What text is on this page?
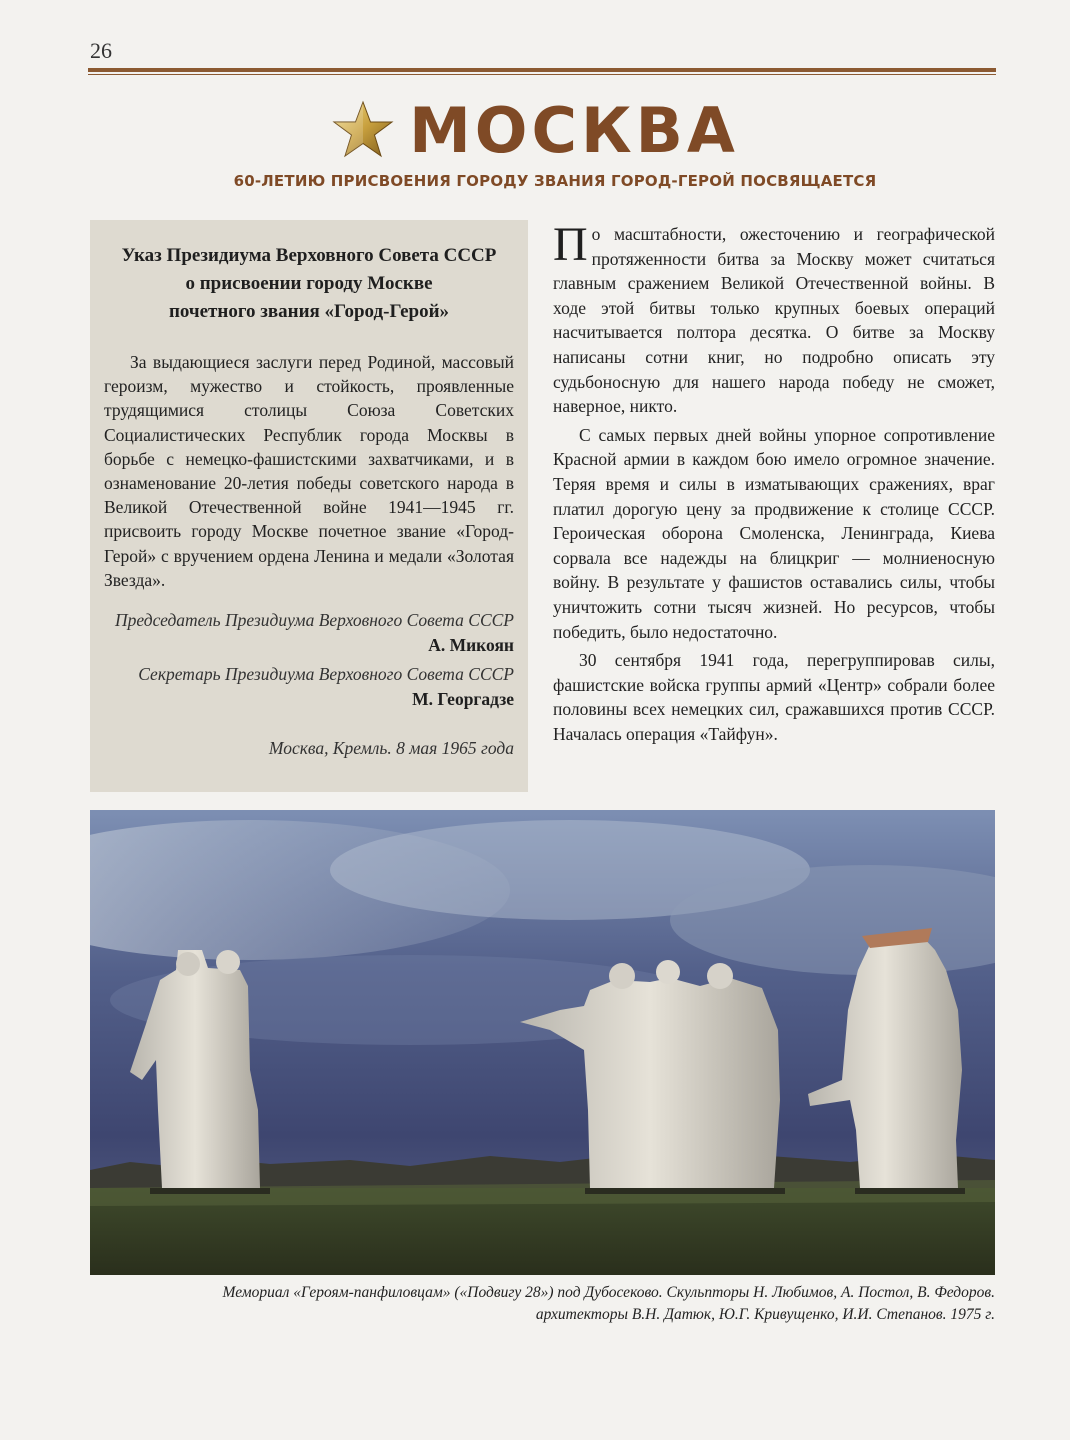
26
МОСКВА
60-ЛЕТИЮ ПРИСВОЕНИЯ ГОРОДУ ЗВАНИЯ ГОРОД-ГЕРОЙ ПОСВЯЩАЕТСЯ
Указ Президиума Верховного Совета СССР
о присвоении городу Москве
почетного звания «Город-Герой»

За выдающиеся заслуги перед Родиной, массовый героизм, мужество и стойкость, проявленные трудящимися столицы Союза Советских Социалистических Республик города Москвы в борьбе с немецко-фашистскими захватчиками, и в ознаменование 20-летия победы советского народа в Великой Отечественной войне 1941—1945 гг. присвоить городу Москве почетное звание «Город-Герой» с вручением ордена Ленина и медали «Золотая Звезда».

Председатель Президиума Верховного Совета СССР
А. Микоян
Секретарь Президиума Верховного Совета СССР
М. Георгадзе
Москва, Кремль. 8 мая 1965 года

По масштабности, ожесточению и географической протяженности битва за Москву может считаться главным сражением Великой Отечественной войны. В ходе этой битвы только крупных боевых операций насчитывается полтора десятка. О битве за Москву написаны сотни книг, но подробно описать эту судьбоносную для нашего народа победу не сможет, наверное, никто.

С самых первых дней войны упорное сопротивление Красной армии в каждом бою имело огромное значение. Теряя время и силы в изматывающих сражениях, враг платил дорогую цену за продвижение к столице СССР. Героическая оборона Смоленска, Ленинграда, Киева сорвала все надежды на блицкриг — молниеносную войну. В результате у фашистов оставались силы, чтобы уничтожить сотни тысяч жизней. Но ресурсов, чтобы победить, было недостаточно.

30 сентября 1941 года, перегруппировав силы, фашистские войска группы армий «Центр» собрали более половины всех немецких сил, сражавшихся против СССР. Началась операция «Тайфун».

Мемориал «Героям-панфиловцам» («Подвигу 28») под Дубосеково. Скульпторы Н. Любимов, А. Постол, В. Федоров.
архитекторы В.Н. Датюк, Ю.Г. Кривущенко, И.И. Степанов. 1975 г.
